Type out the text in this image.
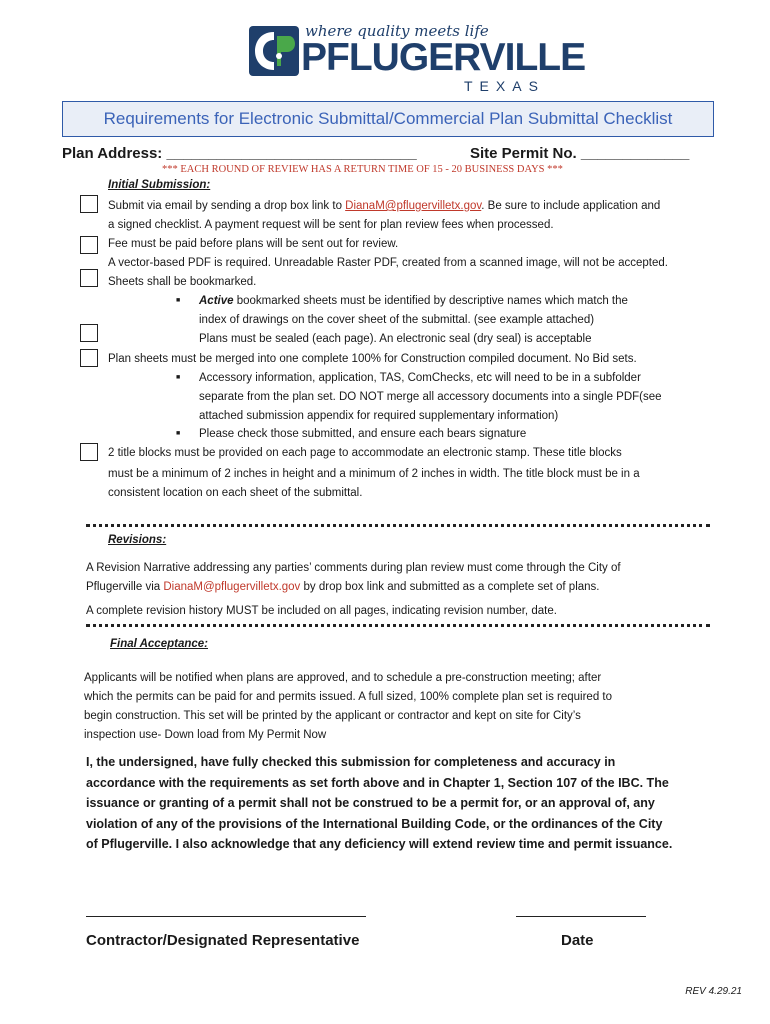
where quality meets life
PFLUGERVILLE
TEXAS
Requirements for Electronic Submittal/Commercial Plan Submittal Checklist
Plan Address: ______________________________	Site Permit No. _____________
*** EACH ROUND OF REVIEW HAS A RETURN TIME OF 15 - 20 BUSINESS DAYS ***
Initial Submission:
Submit via email by sending a drop box link to DianaM@pflugervilletx.gov. Be sure to include application and
a signed checklist. A payment request will be sent for plan review fees when processed.
Fee must be paid before plans will be sent out for review.
A vector-based PDF is required. Unreadable Raster PDF, created from a scanned image, will not be accepted.
Sheets shall be bookmarked.
■ Active bookmarked sheets must be identified by descriptive names which match the
index of drawings on the cover sheet of the submittal. (see example attached)
Plans must be sealed (each page). An electronic seal (dry seal) is acceptable
Plan sheets must be merged into one complete 100% for Construction compiled document. No Bid sets.
■ Accessory information, application, TAS, ComChecks, etc will need to be in a subfolder
separate from the plan set. DO NOT merge all accessory documents into a single PDF(see
attached submission appendix for required supplementary information)
■ Please check those submitted, and ensure each bears signature
2 title blocks must be provided on each page to accommodate an electronic stamp. These title blocks
must be a minimum of 2 inches in height and a minimum of 2 inches in width. The title block must be in a
consistent location on each sheet of the submittal.
Revisions:
A Revision Narrative addressing any parties’ comments during plan review must come through the City of
Pflugerville via DianaM@pflugervilletx.gov by drop box link and submitted as a complete set of plans.
A complete revision history MUST be included on all pages, indicating revision number, date.
Final Acceptance:
Applicants will be notified when plans are approved, and to schedule a pre-construction meeting; after
which the permits can be paid for and permits issued. A full sized, 100% complete plan set is required to
begin construction. This set will be printed by the applicant or contractor and kept on site for City’s
inspection use- Down load from My Permit Now
I, the undersigned, have fully checked this submission for completeness and accuracy in
accordance with the requirements as set forth above and in Chapter 1, Section 107 of the IBC. The
issuance or granting of a permit shall not be construed to be a permit for, or an approval of, any
violation of any of the provisions of the International Building Code, or the ordinances of the City
of Pflugerville. I also acknowledge that any deficiency will extend review time and permit issuance.
Contractor/Designated Representative	Date
REV 4.29.21
